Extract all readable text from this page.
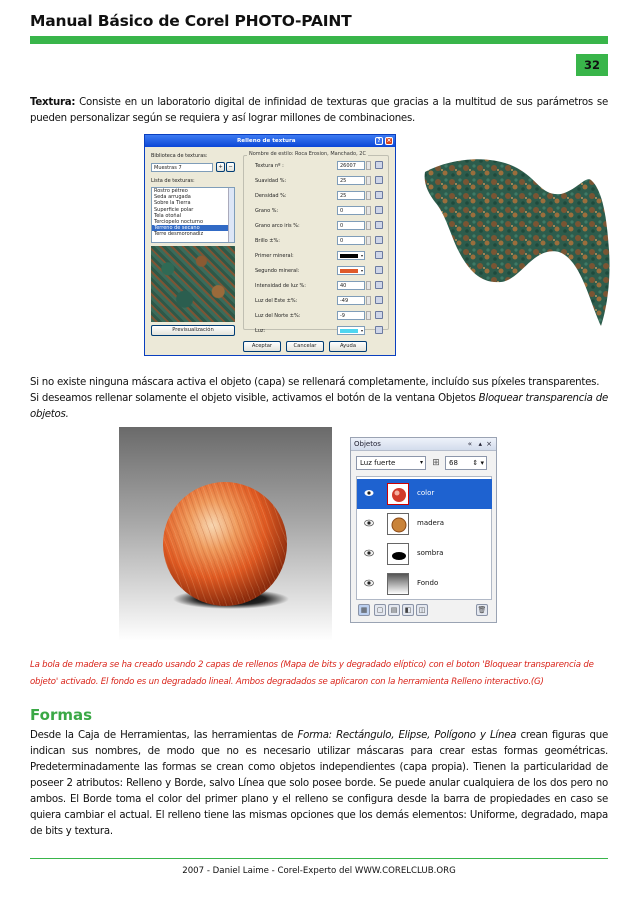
Manual Básico de Corel PHOTO-PAINT
32
Textura: Consiste en un laboratorio digital de infinidad de texturas que gracias a la multitud de sus parámetros se pueden personalizar según se requiera y así lograr millones de combinaciones.
Relleno de textura	?	×
Biblioteca de texturas:
Muestras 7	+	−
Lista de texturas:
Rostro pétreo
Seda arrugada
Sobre la Tierra
Superficie polar
Tela otoñal
Terciopelo nocturno
Terreno de secano
Terre desmoronadiz
Previsualización
Nombre de estilo: Roca Erosion, Manchado, 2C
Textura nº :	26007
Suavidad %:	25
Densidad %:	25
Grano %:	0
Grano arco iris %:	0
Brillo ±%:	0
Primer mineral:	▾
Segundo mineral:	▾
Intensidad de luz %:	40
Luz del Este ±%:	-49
Luz del Norte ±%:	-9
Luz:	▾
Aceptar	Cancelar	Ayuda
Si no existe ninguna máscara activa el objeto (capa) se rellenará completamente, incluído sus píxeles transparentes.
Si deseamos rellenar solamente el objeto visible, activamos el botón de la ventana Objetos Bloquear transparencia de objetos.
Objetos	« ▴ ×
Luz fuerte	▾ ⊞	68 ⇕ ▾
color
madera
sombra
Fondo
▦	▢	▤	◧	◫	🗑
La bola de madera se ha creado usando 2 capas de rellenos (Mapa de bits y degradado elíptico) con el boton 'Bloquear transparencia de objeto' activado. El fondo es un degradado lineal. Ambos degradados se aplicaron con la herramienta Relleno interactivo.(G)
Formas
Desde la Caja de Herramientas, las herramientas de Forma: Rectángulo, Elipse, Polígono y Línea crean figuras que indican sus nombres, de modo que no es necesario utilizar máscaras para crear estas formas geométricas. Predeterminadamente las formas se crean como objetos independientes (capa propia). Tienen la particularidad de poseer 2 atributos: Relleno y Borde, salvo Línea que solo posee borde. Se puede anular cualquiera de los dos pero no ambos. El Borde toma el color del primer plano y el relleno se configura desde la barra de propiedades en caso se quiera cambiar el actual. El relleno tiene las mismas opciones que los demás elementos: Uniforme, degradado, mapa de bits y textura.
2007 - Daniel Laime - Corel-Experto del WWW.CORELCLUB.ORG
